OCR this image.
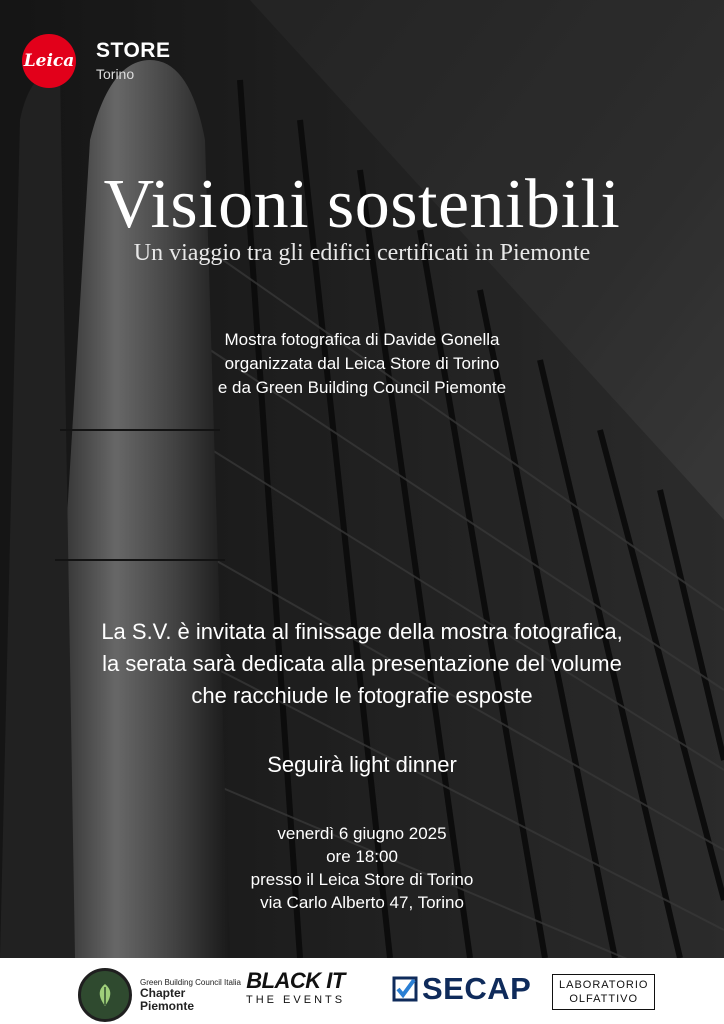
Leica STORE
Torino
Visioni sostenibili
Un viaggio tra gli edifici certificati in Piemonte
Mostra fotografica di Davide Gonella
organizzata dal Leica Store di Torino
e da Green Building Council Piemonte
La S.V. è invitata al finissage della mostra fotografica,
la serata sarà dedicata alla presentazione del volume
che racchiude le fotografie esposte
Seguirà light dinner
venerdì 6 giugno 2025
ore 18:00
presso il Leica Store di Torino
via Carlo Alberto 47, Torino
Green Building Council Italia
Chapter
Piemonte
BLACK IT
THE EVENTS SECAP	LABORATORIO
OLFATTIVO
